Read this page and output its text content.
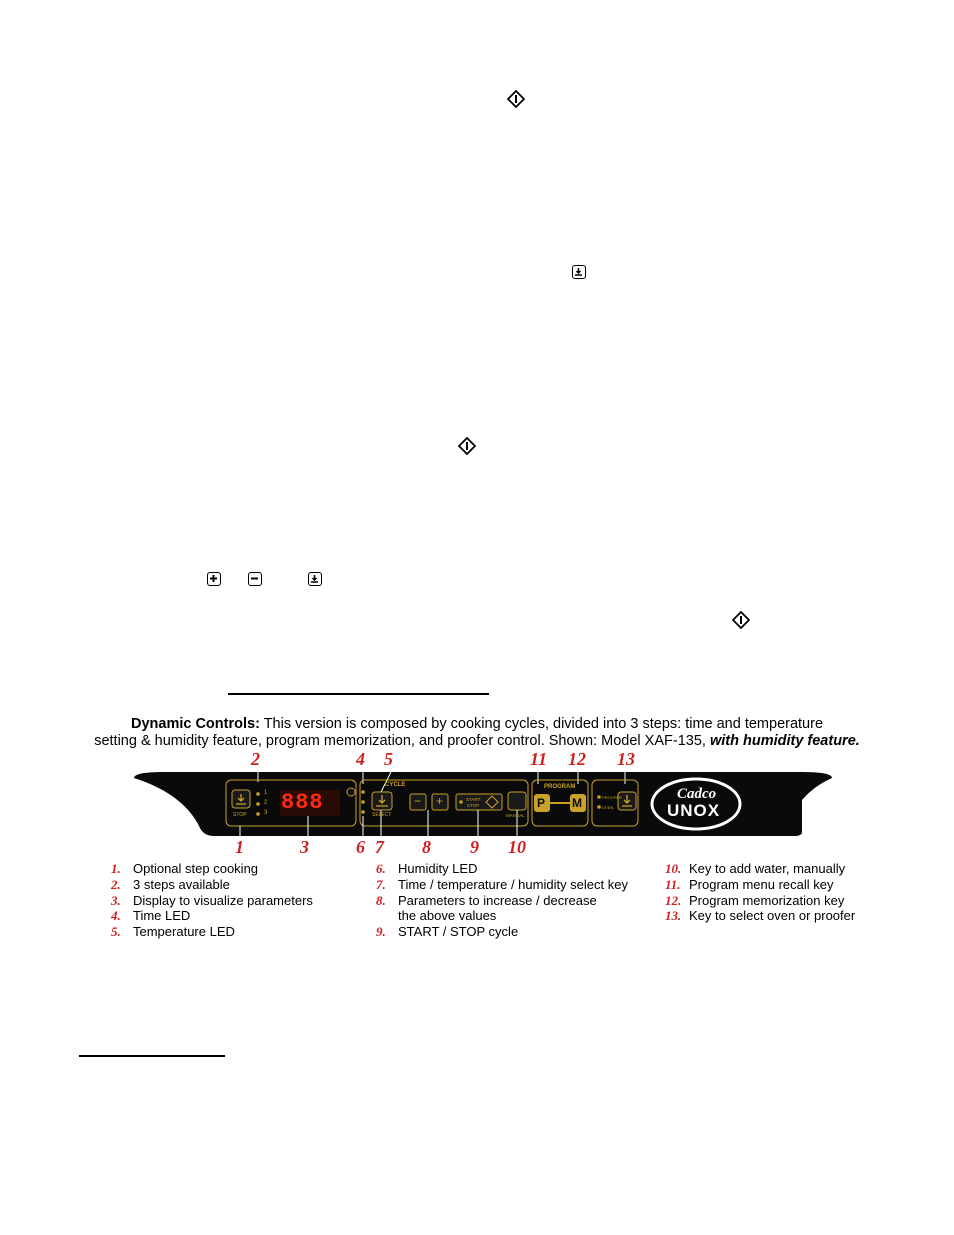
Dynamic Controls: This version is composed by cooking cycles, divided into 3 steps: time and temperature
setting & humidity feature, program memorization, and proofer control. Shown: Model XAF-135, with humidity feature.
2	4 5	11 12 13
888
STOP
1
2
3
CYCLE
SELECT
− +	START
STOP
MANUAL
PROGRAM
P M	PROOFER
OVEN
Cadco
UNOX
1	3	6 7 8 9 10
1. Optional step cooking
2. 3 steps available
3. Display to visualize parameters
4. Time LED
5. Temperature LED
6. Humidity LED
7. Time / temperature / humidity select key
8. Parameters to increase / decrease
the above values
9. START / STOP cycle
10. Key to add water, manually
11. Program menu recall key
12. Program memorization key
13. Key to select oven or proofer
